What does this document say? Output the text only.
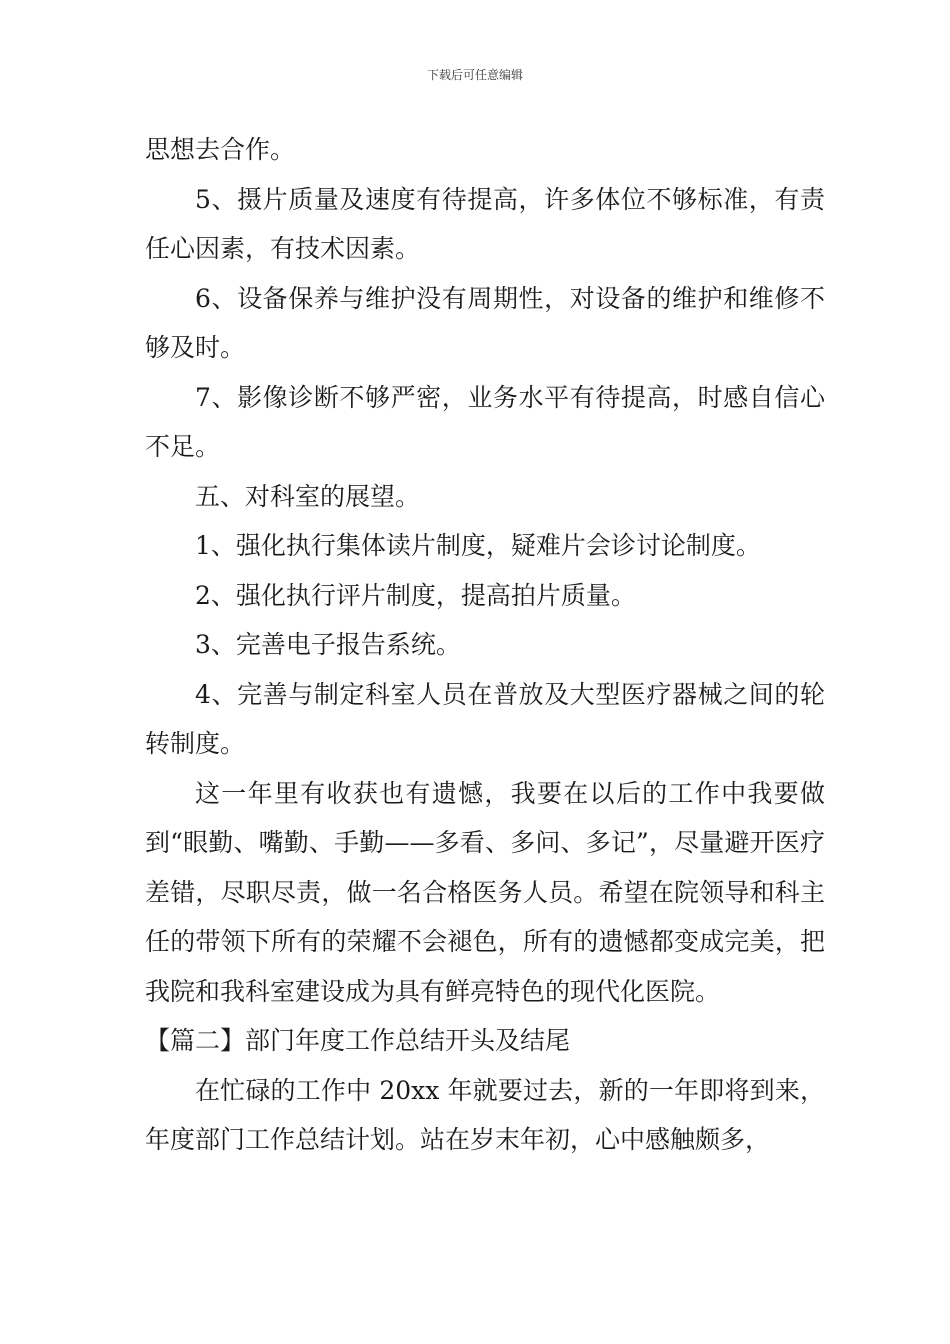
下载后可任意编辑

思想去合作。

5、摄片质量及速度有待提高，许多体位不够标准，有责任心因素，有技术因素。

6、设备保养与维护没有周期性，对设备的维护和维修不够及时。

7、影像诊断不够严密，业务水平有待提高，时感自信心不足。

五、对科室的展望。

1、强化执行集体读片制度，疑难片会诊讨论制度。

2、强化执行评片制度，提高拍片质量。

3、完善电子报告系统。

4、完善与制定科室人员在普放及大型医疗器械之间的轮转制度。

这一年里有收获也有遗憾，我要在以后的工作中我要做到“眼勤、嘴勤、手勤——多看、多问、多记”，尽量避开医疗差错，尽职尽责，做一名合格医务人员。希望在院领导和科主任的带领下所有的荣耀不会褪色，所有的遗憾都变成完美，把我院和我科室建设成为具有鲜亮特色的现代化医院。

【篇二】部门年度工作总结开头及结尾

在忙碌的工作中 20xx 年就要过去，新的一年即将到来，年度部门工作总结计划。站在岁末年初，心中感触颇多，
